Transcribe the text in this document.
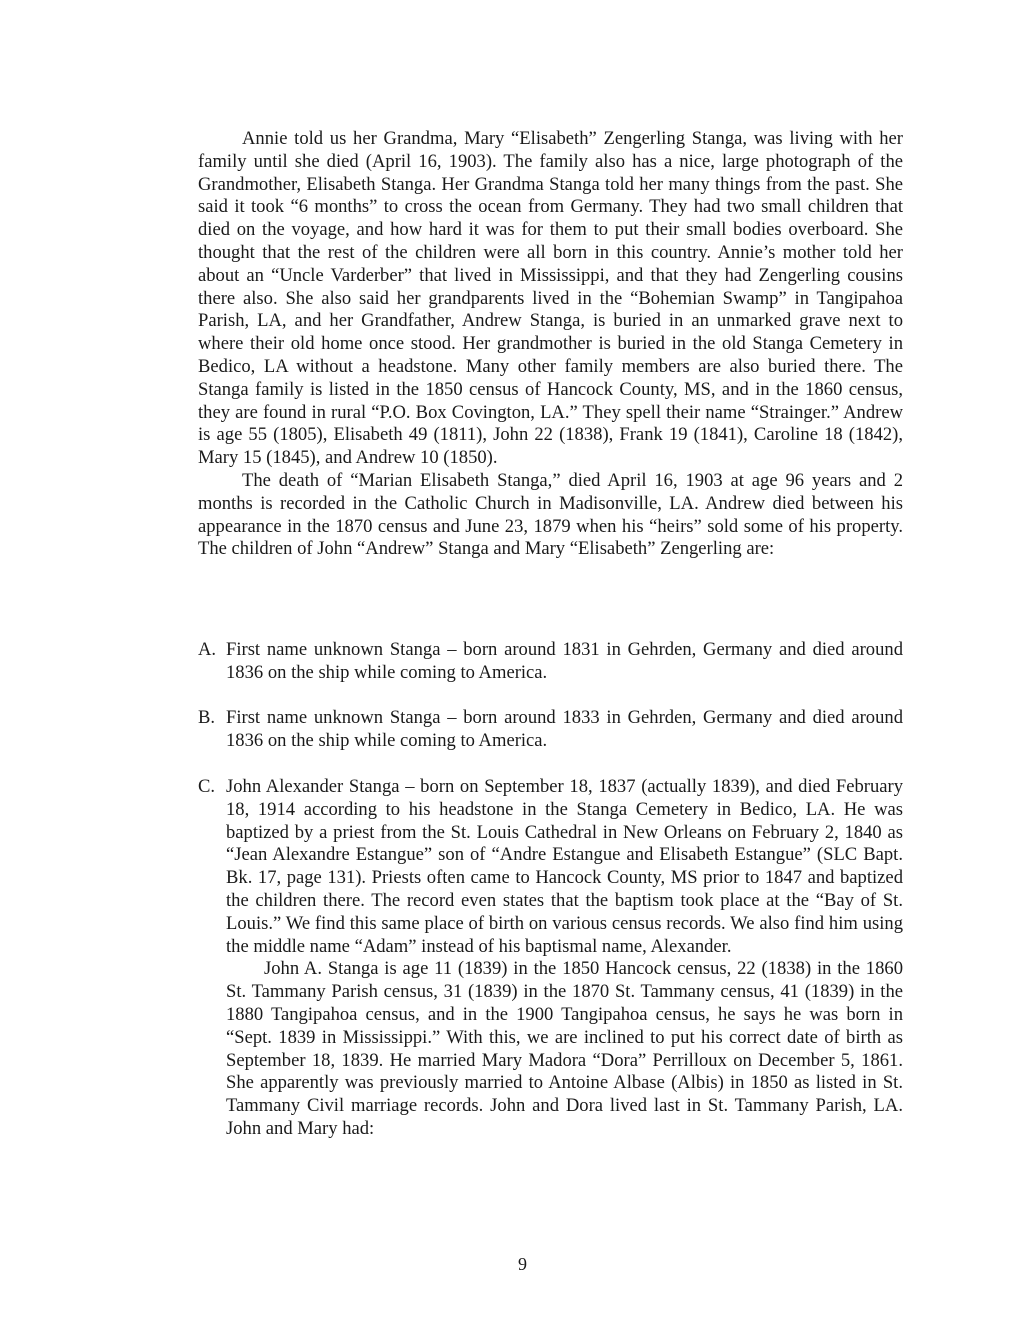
Annie told us her Grandma, Mary “Elisabeth” Zengerling Stanga, was living with her family until she died (April 16, 1903). The family also has a nice, large photograph of the Grandmother, Elisabeth Stanga. Her Grandma Stanga told her many things from the past. She said it took “6 months” to cross the ocean from Germany. They had two small children that died on the voyage, and how hard it was for them to put their small bodies overboard. She thought that the rest of the children were all born in this country. Annie’s mother told her about an “Uncle Varderber” that lived in Mississippi, and that they had Zengerling cousins there also. She also said her grandparents lived in the “Bohemian Swamp” in Tangipahoa Parish, LA, and her Grandfather, Andrew Stanga, is buried in an unmarked grave next to where their old home once stood. Her grandmother is buried in the old Stanga Cemetery in Bedico, LA without a headstone. Many other family members are also buried there. The Stanga family is listed in the 1850 census of Hancock County, MS, and in the 1860 census, they are found in rural “P.O. Box Covington, LA.” They spell their name “Strainger.” Andrew is age 55 (1805), Elisabeth 49 (1811), John 22 (1838), Frank 19 (1841), Caroline 18 (1842), Mary 15 (1845), and Andrew 10 (1850).

The death of “Marian Elisabeth Stanga,” died April 16, 1903 at age 96 years and 2 months is recorded in the Catholic Church in Madisonville, LA. Andrew died between his appearance in the 1870 census and June 23, 1879 when his “heirs” sold some of his property. The children of John “Andrew” Stanga and Mary “Elisabeth” Zengerling are:

A. First name unknown Stanga – born around 1831 in Gehrden, Germany and died around 1836 on the ship while coming to America.

B. First name unknown Stanga – born around 1833 in Gehrden, Germany and died around 1836 on the ship while coming to America.

C. John Alexander Stanga – born on September 18, 1837 (actually 1839), and died February 18, 1914 according to his headstone in the Stanga Cemetery in Bedico, LA. He was baptized by a priest from the St. Louis Cathedral in New Orleans on February 2, 1840 as “Jean Alexandre Estangue” son of “Andre Estangue and Elisabeth Estangue” (SLC Bapt. Bk. 17, page 131). Priests often came to Hancock County, MS prior to 1847 and baptized the children there. The record even states that the baptism took place at the “Bay of St. Louis.” We find this same place of birth on various census records. We also find him using the middle name “Adam” instead of his baptismal name, Alexander.

John A. Stanga is age 11 (1839) in the 1850 Hancock census, 22 (1838) in the 1860 St. Tammany Parish census, 31 (1839) in the 1870 St. Tammany census, 41 (1839) in the 1880 Tangipahoa census, and in the 1900 Tangipahoa census, he says he was born in “Sept. 1839 in Mississippi.” With this, we are inclined to put his correct date of birth as September 18, 1839. He married Mary Madora “Dora” Perrilloux on December 5, 1861. She apparently was previously married to Antoine Albase (Albis) in 1850 as listed in St. Tammany Civil marriage records. John and Dora lived last in St. Tammany Parish, LA. John and Mary had:

9
